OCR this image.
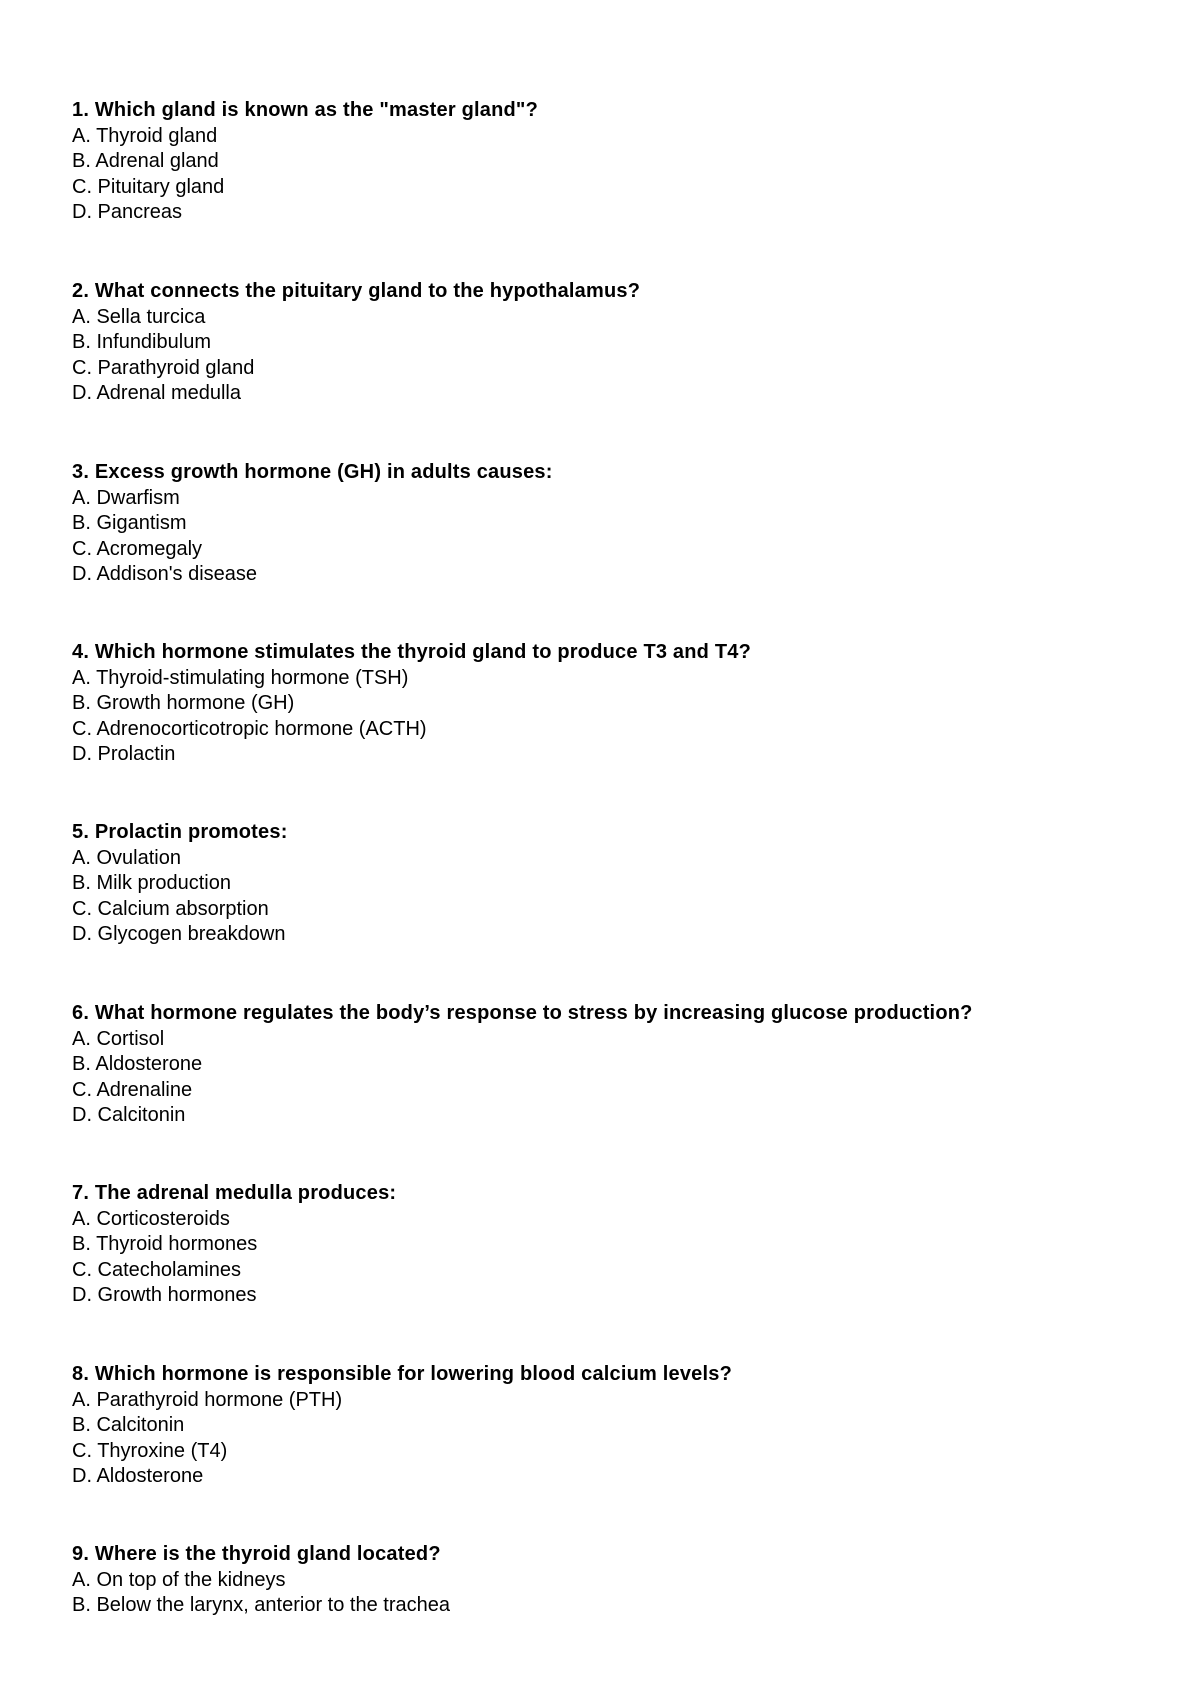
1. Which gland is known as the "master gland"?

A. Thyroid gland
B. Adrenal gland
C. Pituitary gland
D. Pancreas

2. What connects the pituitary gland to the hypothalamus?

A. Sella turcica
B. Infundibulum
C. Parathyroid gland
D. Adrenal medulla

3. Excess growth hormone (GH) in adults causes:

A. Dwarfism
B. Gigantism
C. Acromegaly
D. Addison's disease

4. Which hormone stimulates the thyroid gland to produce T3 and T4?

A. Thyroid-stimulating hormone (TSH)
B. Growth hormone (GH)
C. Adrenocorticotropic hormone (ACTH)
D. Prolactin

5. Prolactin promotes:

A. Ovulation
B. Milk production
C. Calcium absorption
D. Glycogen breakdown

6. What hormone regulates the body’s response to stress by increasing glucose production?

A. Cortisol
B. Aldosterone
C. Adrenaline
D. Calcitonin

7. The adrenal medulla produces:

A. Corticosteroids
B. Thyroid hormones
C. Catecholamines
D. Growth hormones

8. Which hormone is responsible for lowering blood calcium levels?

A. Parathyroid hormone (PTH)
B. Calcitonin
C. Thyroxine (T4)
D. Aldosterone

9. Where is the thyroid gland located?

A. On top of the kidneys
B. Below the larynx, anterior to the trachea
